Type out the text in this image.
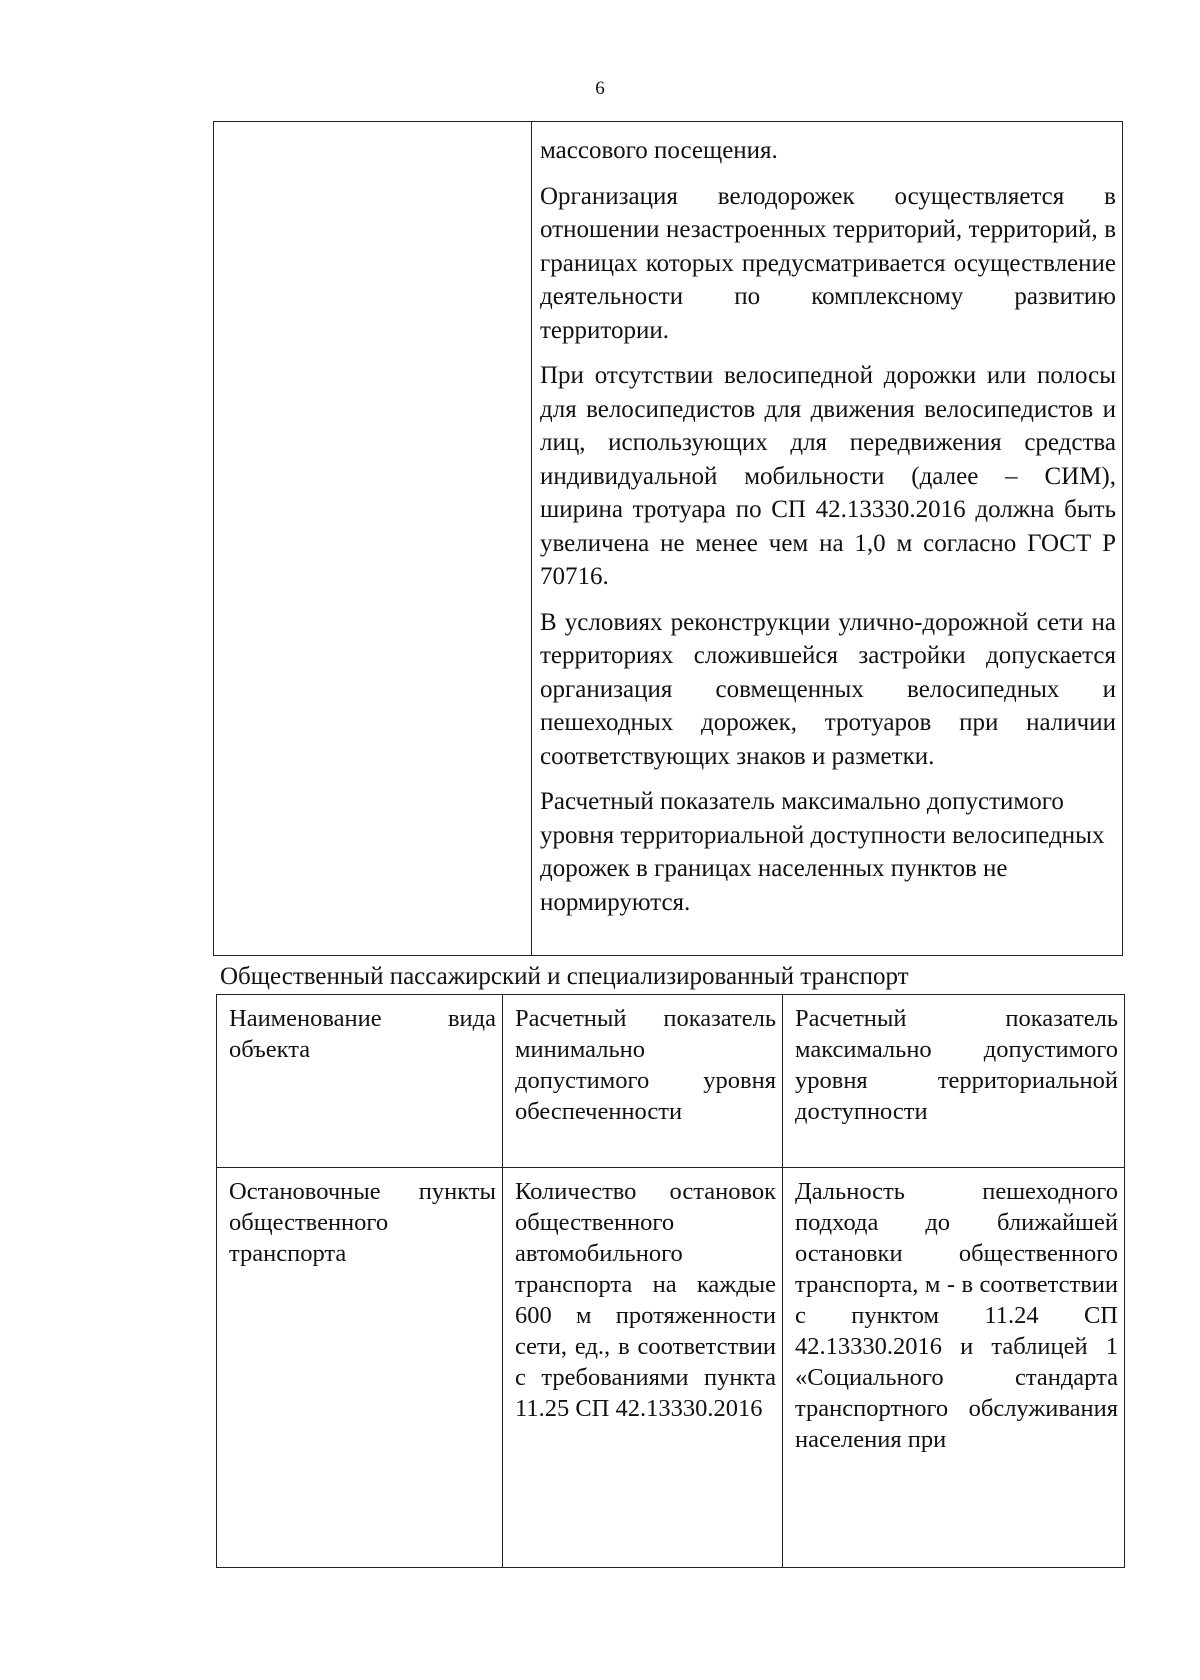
6

массового посещения.

Организация велодорожек осуществляется в отношении незастроенных территорий, территорий, в границах которых предусматривается осуществление деятельности по комплексному развитию территории.

При отсутствии велосипедной дорожки или полосы для велосипедистов для движения велосипедистов и лиц, использующих для передвижения средства индивидуальной мобильности (далее – СИМ), ширина тротуара по СП 42.13330.2016 должна быть увеличена не менее чем на 1,0 м согласно ГОСТ Р 70716.

В условиях реконструкции улично-дорожной сети на территориях сложившейся застройки допускается организация совмещенных велосипедных и пешеходных дорожек, тротуаров при наличии соответствующих знаков и разметки.

Расчетный показатель максимально допустимого уровня территориальной доступности велосипедных дорожек в границах населенных пунктов не нормируются.

Общественный пассажирский и специализированный транспорт
Наименование вида объекта	Расчетный показатель минимально допустимого уровня обеспеченности	Расчетный показатель максимально допустимого уровня территориальной доступности
Остановочные пункты общественного транспорта	Количество остановок общественного автомобильного транспорта на каждые 600 м протяженности сети, ед., в соответствии с требованиями пункта 11.25 СП 42.13330.2016	Дальность пешеходного подхода до ближайшей остановки общественного транспорта, м - в соответствии с пунктом 11.24 СП 42.13330.2016 и таблицей 1 «Социального стандарта транспортного обслуживания населения при
